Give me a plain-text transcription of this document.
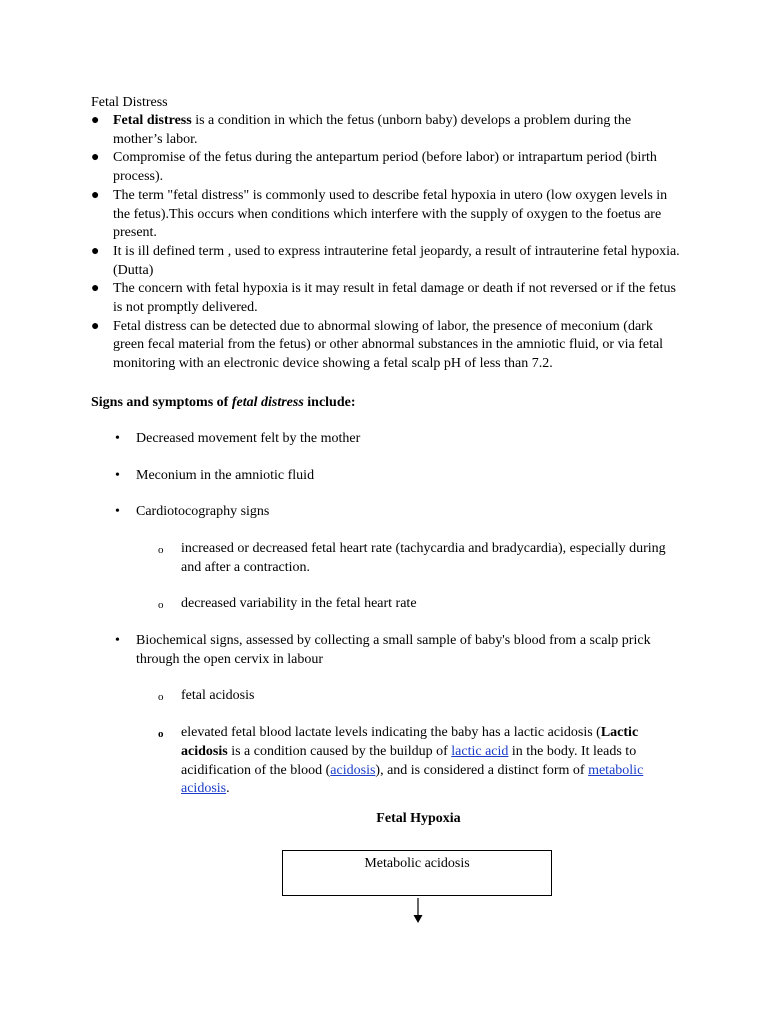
Fetal Distress

● Fetal distress is a condition in which the fetus (unborn baby) develops a problem during the mother’s labor.
● Compromise of the fetus during the antepartum period (before labor) or intrapartum period (birth process).
● The term "fetal distress" is commonly used to describe fetal hypoxia in utero (low oxygen levels in the fetus).This occurs when conditions which interfere with the supply of oxygen to the foetus are present.
● It is ill defined term , used to express intrauterine fetal jeopardy, a result of intrauterine fetal hypoxia.(Dutta)
● The concern with fetal hypoxia is it may result in fetal damage or death if not reversed or if the fetus is not promptly delivered.
● Fetal distress can be detected due to abnormal slowing of labor, the presence of meconium (dark green fecal material from the fetus) or other abnormal substances in the amniotic fluid, or via fetal monitoring with an electronic device showing a fetal scalp pH of less than 7.2.

Signs and symptoms of fetal distress include:

• Decreased movement felt by the mother
• Meconium in the amniotic fluid
• Cardiotocography signs
o increased or decreased fetal heart rate (tachycardia and bradycardia), especially during and after a contraction.
o decreased variability in the fetal heart rate
• Biochemical signs, assessed by collecting a small sample of baby's blood from a scalp prick through the open cervix in labour
o fetal acidosis
o elevated fetal blood lactate levels indicating the baby has a lactic acidosis (Lactic acidosis is a condition caused by the buildup of lactic acid in the body. It leads to acidification of the blood (acidosis), and is considered a distinct form of metabolic acidosis.
Fetal Hypoxia
Metabolic acidosis
